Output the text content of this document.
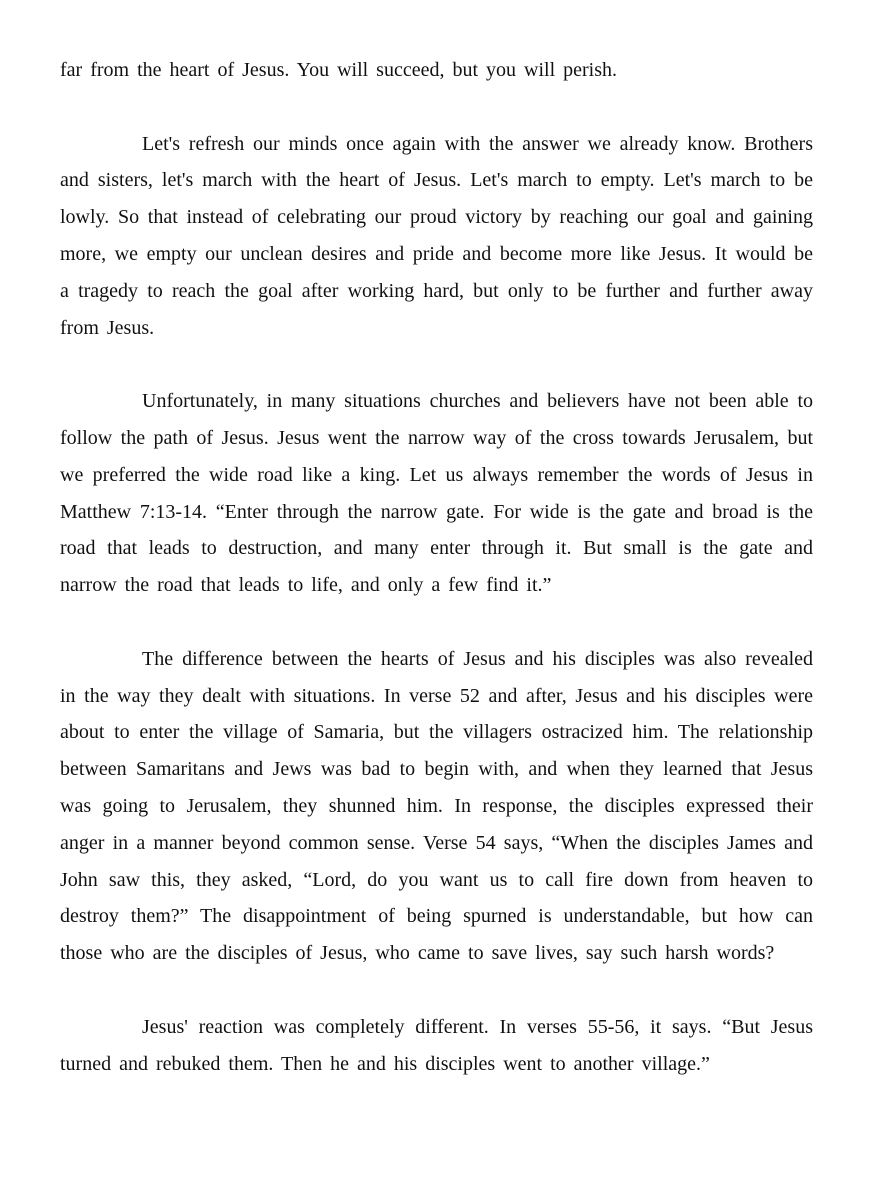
far from the heart of Jesus. You will succeed, but you will perish.

Let's refresh our minds once again with the answer we already know. Brothers and sisters, let's march with the heart of Jesus. Let's march to empty. Let's march to be lowly. So that instead of celebrating our proud victory by reaching our goal and gaining more, we empty our unclean desires and pride and become more like Jesus. It would be a tragedy to reach the goal after working hard, but only to be further and further away from Jesus.

Unfortunately, in many situations churches and believers have not been able to follow the path of Jesus. Jesus went the narrow way of the cross towards Jerusalem, but we preferred the wide road like a king. Let us always remember the words of Jesus in Matthew 7:13-14. “Enter through the narrow gate. For wide is the gate and broad is the road that leads to destruction, and many enter through it. But small is the gate and narrow the road that leads to life, and only a few find it.”

The difference between the hearts of Jesus and his disciples was also revealed in the way they dealt with situations. In verse 52 and after, Jesus and his disciples were about to enter the village of Samaria, but the villagers ostracized him. The relationship between Samaritans and Jews was bad to begin with, and when they learned that Jesus was going to Jerusalem, they shunned him. In response, the disciples expressed their anger in a manner beyond common sense. Verse 54 says, “When the disciples James and John saw this, they asked, “Lord, do you want us to call fire down from heaven to destroy them?” The disappointment of being spurned is understandable, but how can those who are the disciples of Jesus, who came to save lives, say such harsh words?

Jesus' reaction was completely different. In verses 55-56, it says. “But Jesus turned and rebuked them. Then he and his disciples went to another village.”
